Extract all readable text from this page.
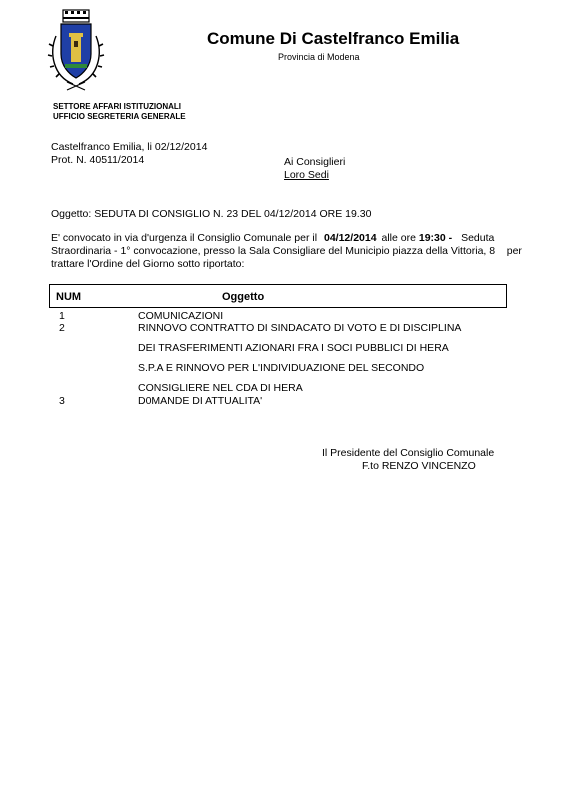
Comune Di Castelfranco Emilia
Provincia di Modena
SETTORE AFFARI ISTITUZIONALI
UFFICIO SEGRETERIA GENERALE
Castelfranco Emilia, li 02/12/2014
Prot. N. 40511/2014	Ai Consiglieri
Loro Sedi
Oggetto: SEDUTA DI CONSIGLIO N. 23 DEL 04/12/2014 ORE 19.30
E' convocato in via d'urgenza il Consiglio Comunale per il 04/12/2014 alle ore 19:30 - Seduta
Straordinaria - 1° convocazione, presso la Sala Consigliare del Municipio piazza della Vittoria, 8    per
trattare l'Ordine del Giorno sotto riportato:
NUM	Oggetto
1	COMUNICAZIONI
2	RINNOVO CONTRATTO DI SINDACATO DI VOTO E DI DISCIPLINA
DEI TRASFERIMENTI AZIONARI FRA I SOCI PUBBLICI DI HERA
S.P.A E RINNOVO PER L'INDIVIDUAZIONE DEL SECONDO
CONSIGLIERE NEL CDA DI HERA
3	D0MANDE DI ATTUALITA'
Il Presidente del Consiglio Comunale
F.to RENZO VINCENZO
